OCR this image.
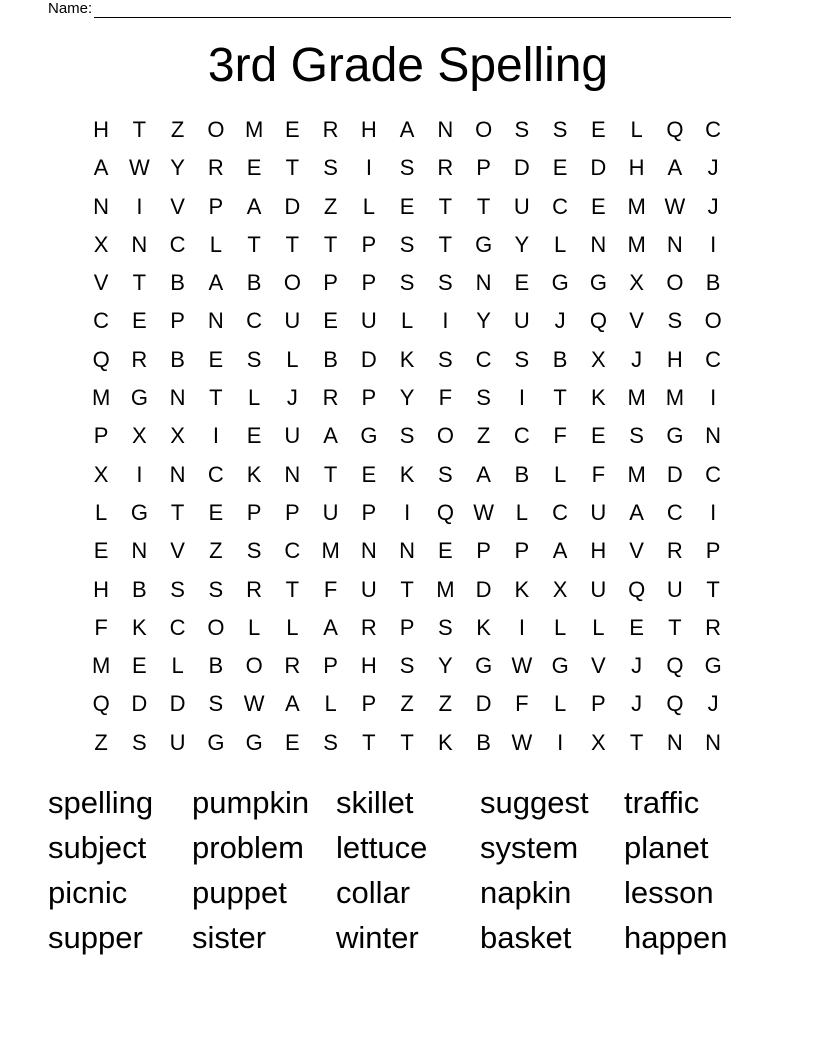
Name:
3rd Grade Spelling
H	T	Z	O M E	R	H	A	N O	S	S	E	L	Q C
A W Y	R	E	T	S	I	S	R	P	D	E	D	H	A	J
N	I	V	P	A	D	Z	L	E	T	T	U	C	E M W	J
X	N	C	L	T	T	T	P	S	T	G	Y	L	N M N	I
V	T	B	A	B	O	P	P	S	S	N	E	G G	X	O	B
C	E	P	N	C	U	E	U	L	I	Y	U	J	Q	V	S	O
Q R	B	E	S	L	B	D	K	S	C	S	B	X	J	H	C
M G N	T	L	J	R	P	Y	F	S	I	T	K M M	I
P	X	X	I	E	U	A	G	S	O	Z	C	F	E	S	G N
X	I	N	C	K	N	T	E	K	S	A	B	L	F	M D	C
L	G	T	E	P	P	U	P	I	Q W L	C	U	A	C	I
E	N	V	Z	S	C M N	N	E	P	P	A	H	V	R	P
H	B	S	S	R	T	F	U	T	M D	K	X	U Q U	T
F	K	C O	L	L	A	R	P	S	K	I	L	L	E	T	R
M E	L	B	O R	P	H	S	Y	G W G	V	J	Q G
Q D	D	S W A	L	P	Z	Z	D	F	L	P	J	Q	J
Z	S	U G G	E	S	T	T	K	B W	I	X	T	N	N
spelling	pumpkin skillet	suggest	traffic
subject	problem	lettuce	system	planet
picnic	puppet	collar	napkin	lesson
supper	sister	winter	basket	happen
